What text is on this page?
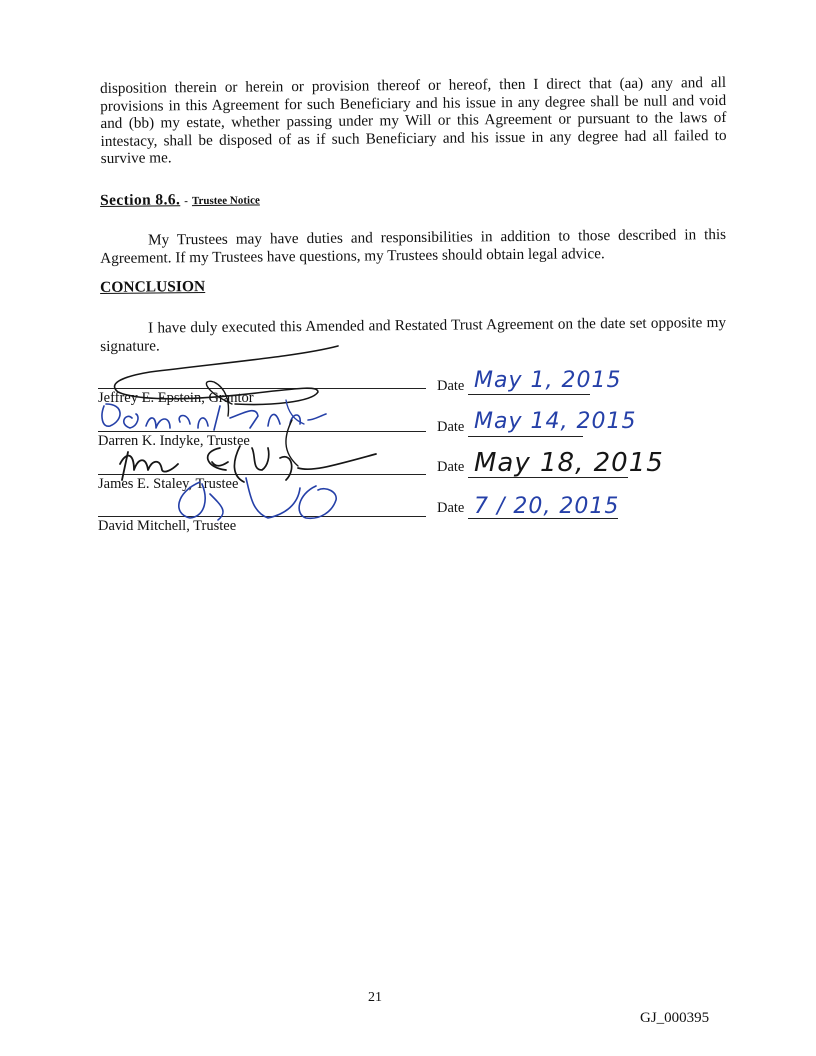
disposition therein or herein or provision thereof or hereof, then I direct that (aa) any and all provisions in this Agreement for such Beneficiary and his issue in any degree shall be null and void and (bb) my estate, whether passing under my Will or this Agreement or pursuant to the laws of intestacy, shall be disposed of as if such Beneficiary and his issue in any degree had all failed to survive me.
Section 8.6. - Trustee Notice
My Trustees may have duties and responsibilities in addition to those described in this Agreement. If my Trustees have questions, my Trustees should obtain legal advice.
CONCLUSION
I have duly executed this Amended and Restated Trust Agreement on the date set opposite my signature.
Jeffrey E. Epstein, Grantor
Date May 1, 2015
Darren K. Indyke, Trustee
Date May 14, 2015
James E. Staley, Trustee
Date May 18, 2015
David Mitchell, Trustee
Date 7 / 20, 2015
21
GJ_000395
